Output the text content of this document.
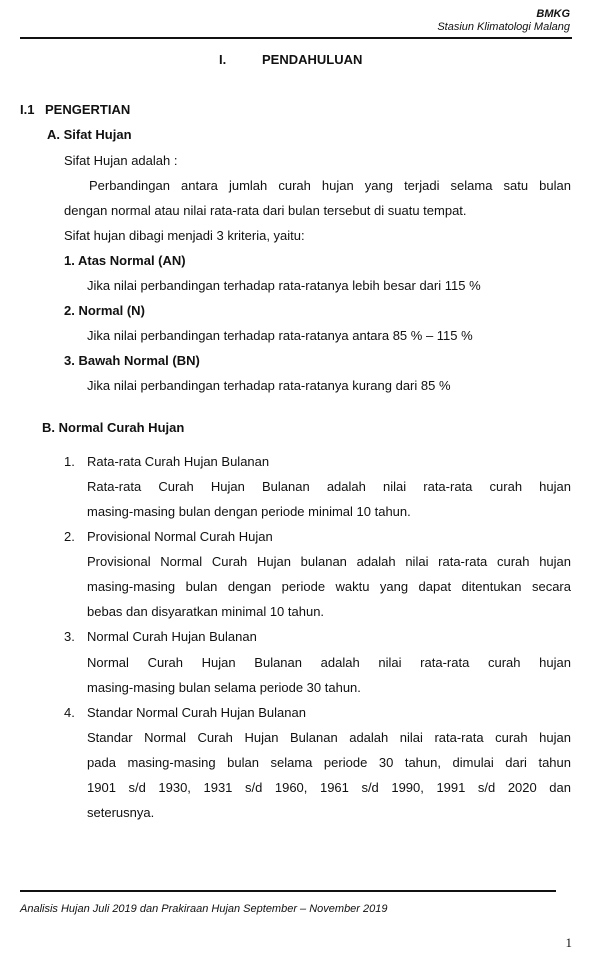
BMKG
Stasiun Klimatologi Malang
I.	PENDAHULUAN
I.1 PENGERTIAN
A. Sifat Hujan
Sifat Hujan adalah :
Perbandingan antara jumlah curah hujan yang terjadi selama satu bulan
dengan normal atau nilai rata-rata dari bulan tersebut di suatu tempat.
Sifat hujan dibagi menjadi 3 kriteria, yaitu:
1. Atas Normal (AN)
Jika nilai perbandingan terhadap rata-ratanya lebih besar dari 115 %
2. Normal (N)
Jika nilai perbandingan terhadap rata-ratanya antara 85 % – 115 %
3. Bawah Normal (BN)
Jika nilai perbandingan terhadap rata-ratanya kurang dari 85 %
B. Normal Curah Hujan
1. Rata-rata Curah Hujan Bulanan
Rata-rata Curah Hujan Bulanan adalah nilai rata-rata curah hujan
masing-masing bulan dengan periode minimal 10 tahun.
2. Provisional Normal Curah Hujan
Provisional Normal Curah Hujan bulanan adalah nilai rata-rata curah hujan
masing-masing bulan dengan periode waktu yang dapat ditentukan secara
bebas dan disyaratkan minimal 10 tahun.
3. Normal Curah Hujan Bulanan
Normal Curah Hujan Bulanan adalah nilai rata-rata curah hujan
masing-masing bulan selama periode 30 tahun.
4. Standar Normal Curah Hujan Bulanan
Standar Normal Curah Hujan Bulanan adalah nilai rata-rata curah hujan
pada masing-masing bulan selama periode 30 tahun, dimulai dari tahun
1901 s/d 1930, 1931 s/d 1960, 1961 s/d 1990, 1991 s/d 2020 dan
seterusnya.
Analisis Hujan Juli 2019 dan Prakiraan Hujan September – November 2019
1
